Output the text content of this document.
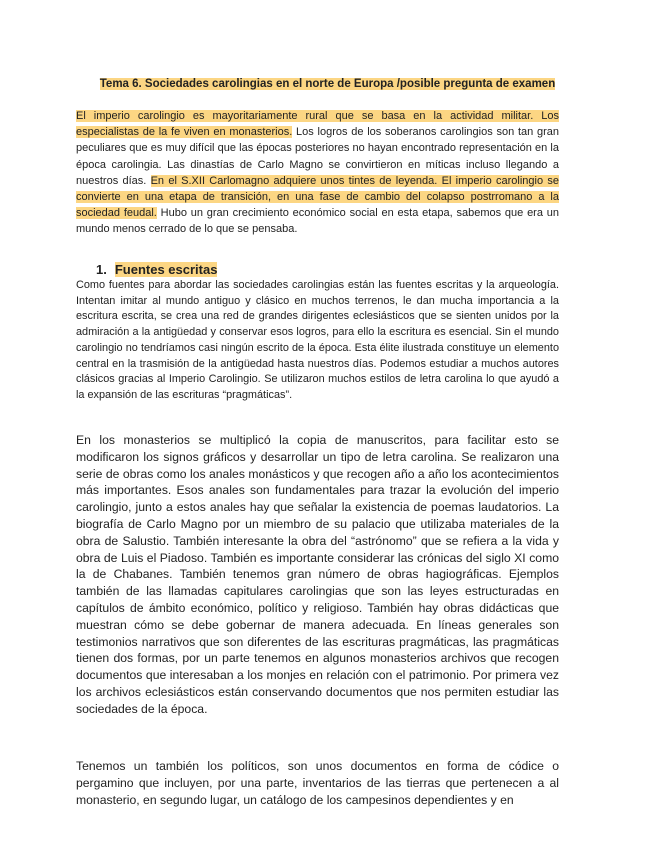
Tema 6. Sociedades carolingias en el norte de Europa /posible pregunta de examen
El imperio carolingio es mayoritariamente rural que se basa en la actividad militar. Los especialistas de la fe viven en monasterios. Los logros de los soberanos carolingios son tan gran peculiares que es muy difícil que las épocas posteriores no hayan encontrado representación en la época carolingia. Las dinastías de Carlo Magno se convirtieron en míticas incluso llegando a nuestros días. En el S.XII Carlomagno adquiere unos tintes de leyenda. El imperio carolingio se convierte en una etapa de transición, en una fase de cambio del colapso postrromano a la sociedad feudal. Hubo un gran crecimiento económico social en esta etapa, sabemos que era un mundo menos cerrado de lo que se pensaba.
1. Fuentes escritas
Como fuentes para abordar las sociedades carolingias están las fuentes escritas y la arqueología. Intentan imitar al mundo antiguo y clásico en muchos terrenos, le dan mucha importancia a la escritura escrita, se crea una red de grandes dirigentes eclesiásticos que se sienten unidos por la admiración a la antigüedad y conservar esos logros, para ello la escritura es esencial. Sin el mundo carolingio no tendríamos casi ningún escrito de la época. Esta élite ilustrada constituye un elemento central en la trasmisión de la antigüedad hasta nuestros días. Podemos estudiar a muchos autores clásicos gracias al Imperio Carolingio. Se utilizaron muchos estilos de letra carolina lo que ayudó a la expansión de las escrituras “pragmáticas”.
En los monasterios se multiplicó la copia de manuscritos, para facilitar esto se modificaron los signos gráficos y desarrollar un tipo de letra carolina. Se realizaron una serie de obras como los anales monásticos y que recogen año a año los acontecimientos más importantes. Esos anales son fundamentales para trazar la evolución del imperio carolingio, junto a estos anales hay que señalar la existencia de poemas laudatorios. La biografía de Carlo Magno por un miembro de su palacio que utilizaba materiales de la obra de Salustio. También interesante la obra del “astrónomo” que se refiera a la vida y obra de Luis el Piadoso. También es importante considerar las crónicas del siglo XI como la de Chabanes. También tenemos gran número de obras hagiográficas. Ejemplos también de las llamadas capitulares carolingias que son las leyes estructuradas en capítulos de ámbito económico, político y religioso. También hay obras didácticas que muestran cómo se debe gobernar de manera adecuada. En líneas generales son testimonios narrativos que son diferentes de las escrituras pragmáticas, las pragmáticas tienen dos formas, por un parte tenemos en algunos monasterios archivos que recogen documentos que interesaban a los monjes en relación con el patrimonio. Por primera vez los archivos eclesiásticos están conservando documentos que nos permiten estudiar las sociedades de la época.
Tenemos un también los políticos, son unos documentos en forma de códice o pergamino que incluyen, por una parte, inventarios de las tierras que pertenecen a al monasterio, en segundo lugar, un catálogo de los campesinos dependientes y en
